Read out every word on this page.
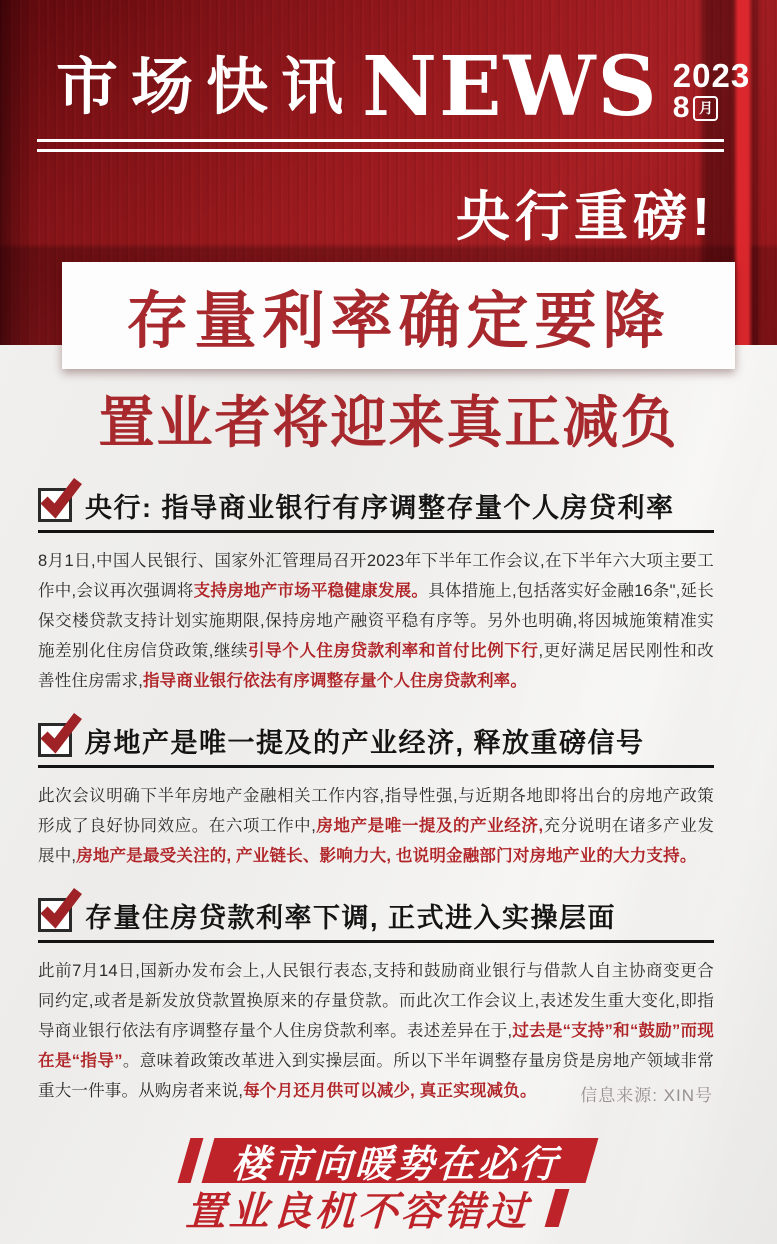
市场快讯 NEWS 2023
8 月
央行重磅!
存量利率确定要降
置业者将迎来真正减负
央行: 指导商业银行有序调整存量个人房贷利率

8月1日,中国人民银行、国家外汇管理局召开2023年下半年工作会议,在下半年六大项主要工作中,会议再次强调将支持房地产市场平稳健康发展。具体措施上,包括落实好金融16条",延长保交楼贷款支持计划实施期限,保持房地产融资平稳有序等。另外也明确,将因城施策精准实施差别化住房信贷政策,继续引导个人住房贷款利率和首付比例下行,更好满足居民刚性和改善性住房需求,指导商业银行依法有序调整存量个人住房贷款利率。

房地产是唯一提及的产业经济, 释放重磅信号

此次会议明确下半年房地产金融相关工作内容,指导性强,与近期各地即将出台的房地产政策形成了良好协同效应。在六项工作中,房地产是唯一提及的产业经济,充分说明在诸多产业发展中,房地产是最受关注的, 产业链长、影响力大, 也说明金融部门对房地产业的大力支持。

存量住房贷款利率下调, 正式进入实操层面

此前7月14日,国新办发布会上,人民银行表态,支持和鼓励商业银行与借款人自主协商变更合同约定,或者是新发放贷款置换原来的存量贷款。而此次工作会议上,表述发生重大变化,即指导商业银行依法有序调整存量个人住房贷款利率。表述差异在于,过去是“支持”和“鼓励”而现在是“指导”。意味着政策改革进入到实操层面。所以下半年调整存量房贷是房地产领域非常重大一件事。从购房者来说,每个月还月供可以减少, 真正实现减负。	信息来源: XIN号
楼市向暖势在必行
置业良机不容错过
